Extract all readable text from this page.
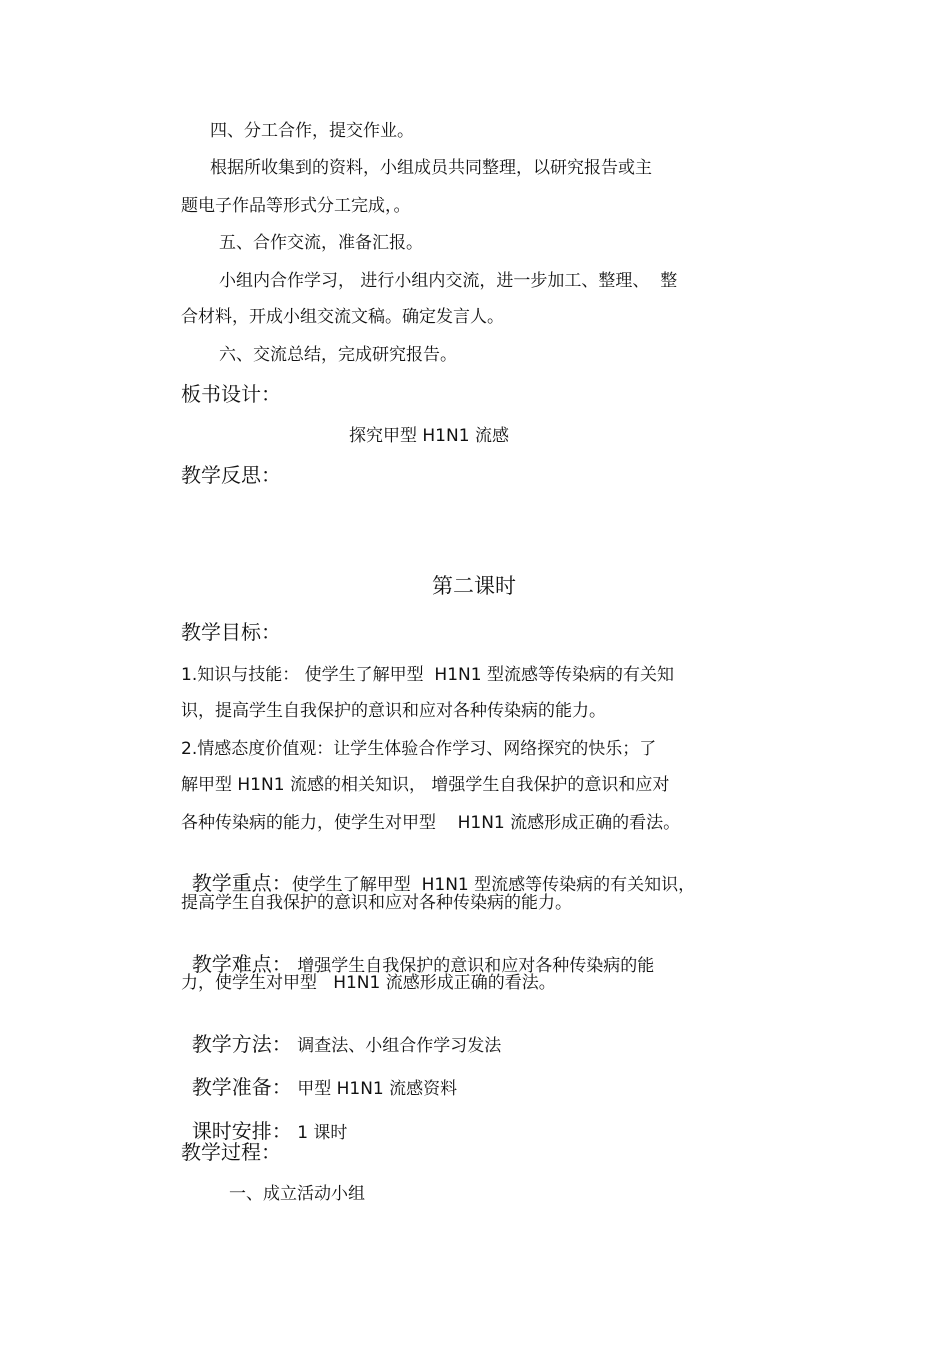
四、分工合作，提交作业。
根据所收集到的资料，小组成员共同整理，以研究报告或主
题电子作品等形式分工完成，。
五、合作交流，准备汇报。
小组内合作学习， 进行小组内交流，进一步加工、整理、  整
合材料，开成小组交流文稿。确定发言人。
六、交流总结，完成研究报告。
板书设计：
探究甲型 H1N1 流感
教学反思：
第二课时
教学目标：
1.知识与技能： 使学生了解甲型  H1N1 型流感等传染病的有关知
识，提高学生自我保护的意识和应对各种传染病的能力。
2.情感态度价值观：让学生体验合作学习、网络探究的快乐；了
解甲型 H1N1 流感的相关知识， 增强学生自我保护的意识和应对
各种传染病的能力，使学生对甲型    H1N1 流感形成正确的看法。

教学重点：使学生了解甲型  H1N1 型流感等传染病的有关知识，

提高学生自我保护的意识和应对各种传染病的能力。

教学难点： 增强学生自我保护的意识和应对各种传染病的能

力，使学生对甲型   H1N1 流感形成正确的看法。

教学方法： 调查法、小组合作学习发法

教学准备： 甲型 H1N1 流感资料

课时安排： 1 课时

教学过程：
一、成立活动小组
